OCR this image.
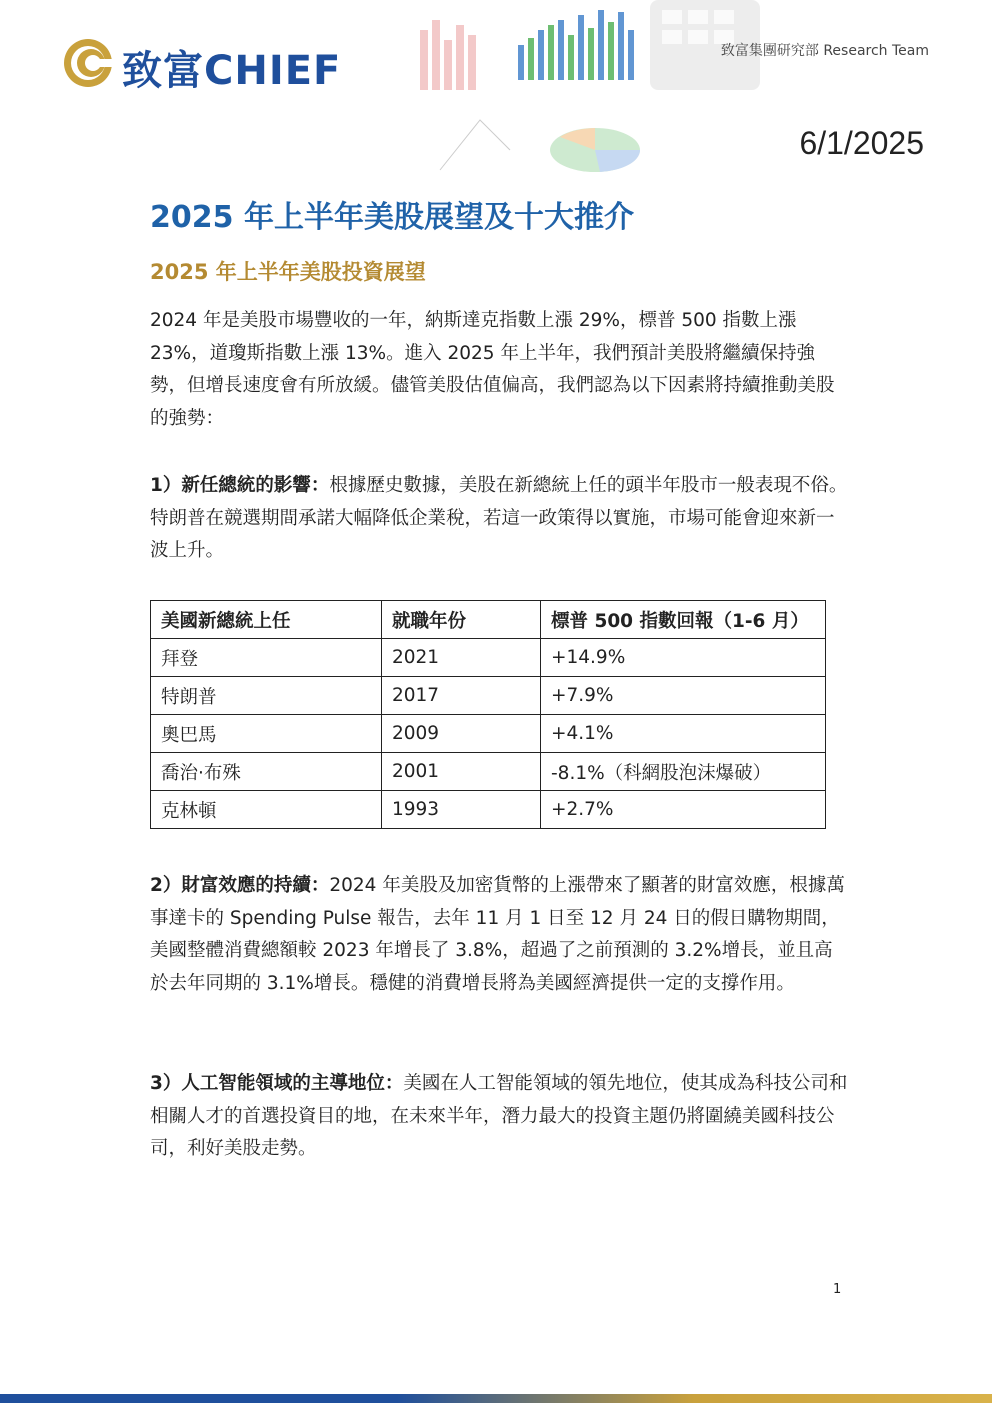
致富CHIEF	致富集團研究部 Research Team
6/1/2025
2025 年上半年美股展望及十大推介
2025 年上半年美股投資展望
2024 年是美股市場豐收的一年，納斯達克指數上漲 29%，標普 500 指數上漲 23%，道瓊斯指數上漲 13%。進入 2025 年上半年，我們預計美股將繼續保持強勢，但增長速度會有所放緩。儘管美股估值偏高，我們認為以下因素將持續推動美股的強勢：
1）新任總統的影響：根據歷史數據，美股在新總統上任的頭半年股市一般表現不俗。特朗普在競選期間承諾大幅降低企業稅，若這一政策得以實施，市場可能會迎來新一波上升。
美國新總統上任	就職年份	標普 500 指數回報（1-6 月）
拜登	2021	+14.9%
特朗普	2017	+7.9%
奧巴馬	2009	+4.1%
喬治·布殊	2001	-8.1%（科網股泡沫爆破）
克林頓	1993	+2.7%
2）財富效應的持續：2024 年美股及加密貨幣的上漲帶來了顯著的財富效應，根據萬事達卡的 Spending Pulse 報告，去年 11 月 1 日至 12 月 24 日的假日購物期間，美國整體消費總額較 2023 年增長了 3.8%，超過了之前預測的 3.2%增長，並且高於去年同期的 3.1%增長。穩健的消費增長將為美國經濟提供一定的支撐作用。
3）人工智能領域的主導地位：美國在人工智能領域的領先地位，使其成為科技公司和相關人才的首選投資目的地，在未來半年，潛力最大的投資主題仍將圍繞美國科技公司，利好美股走勢。
1
